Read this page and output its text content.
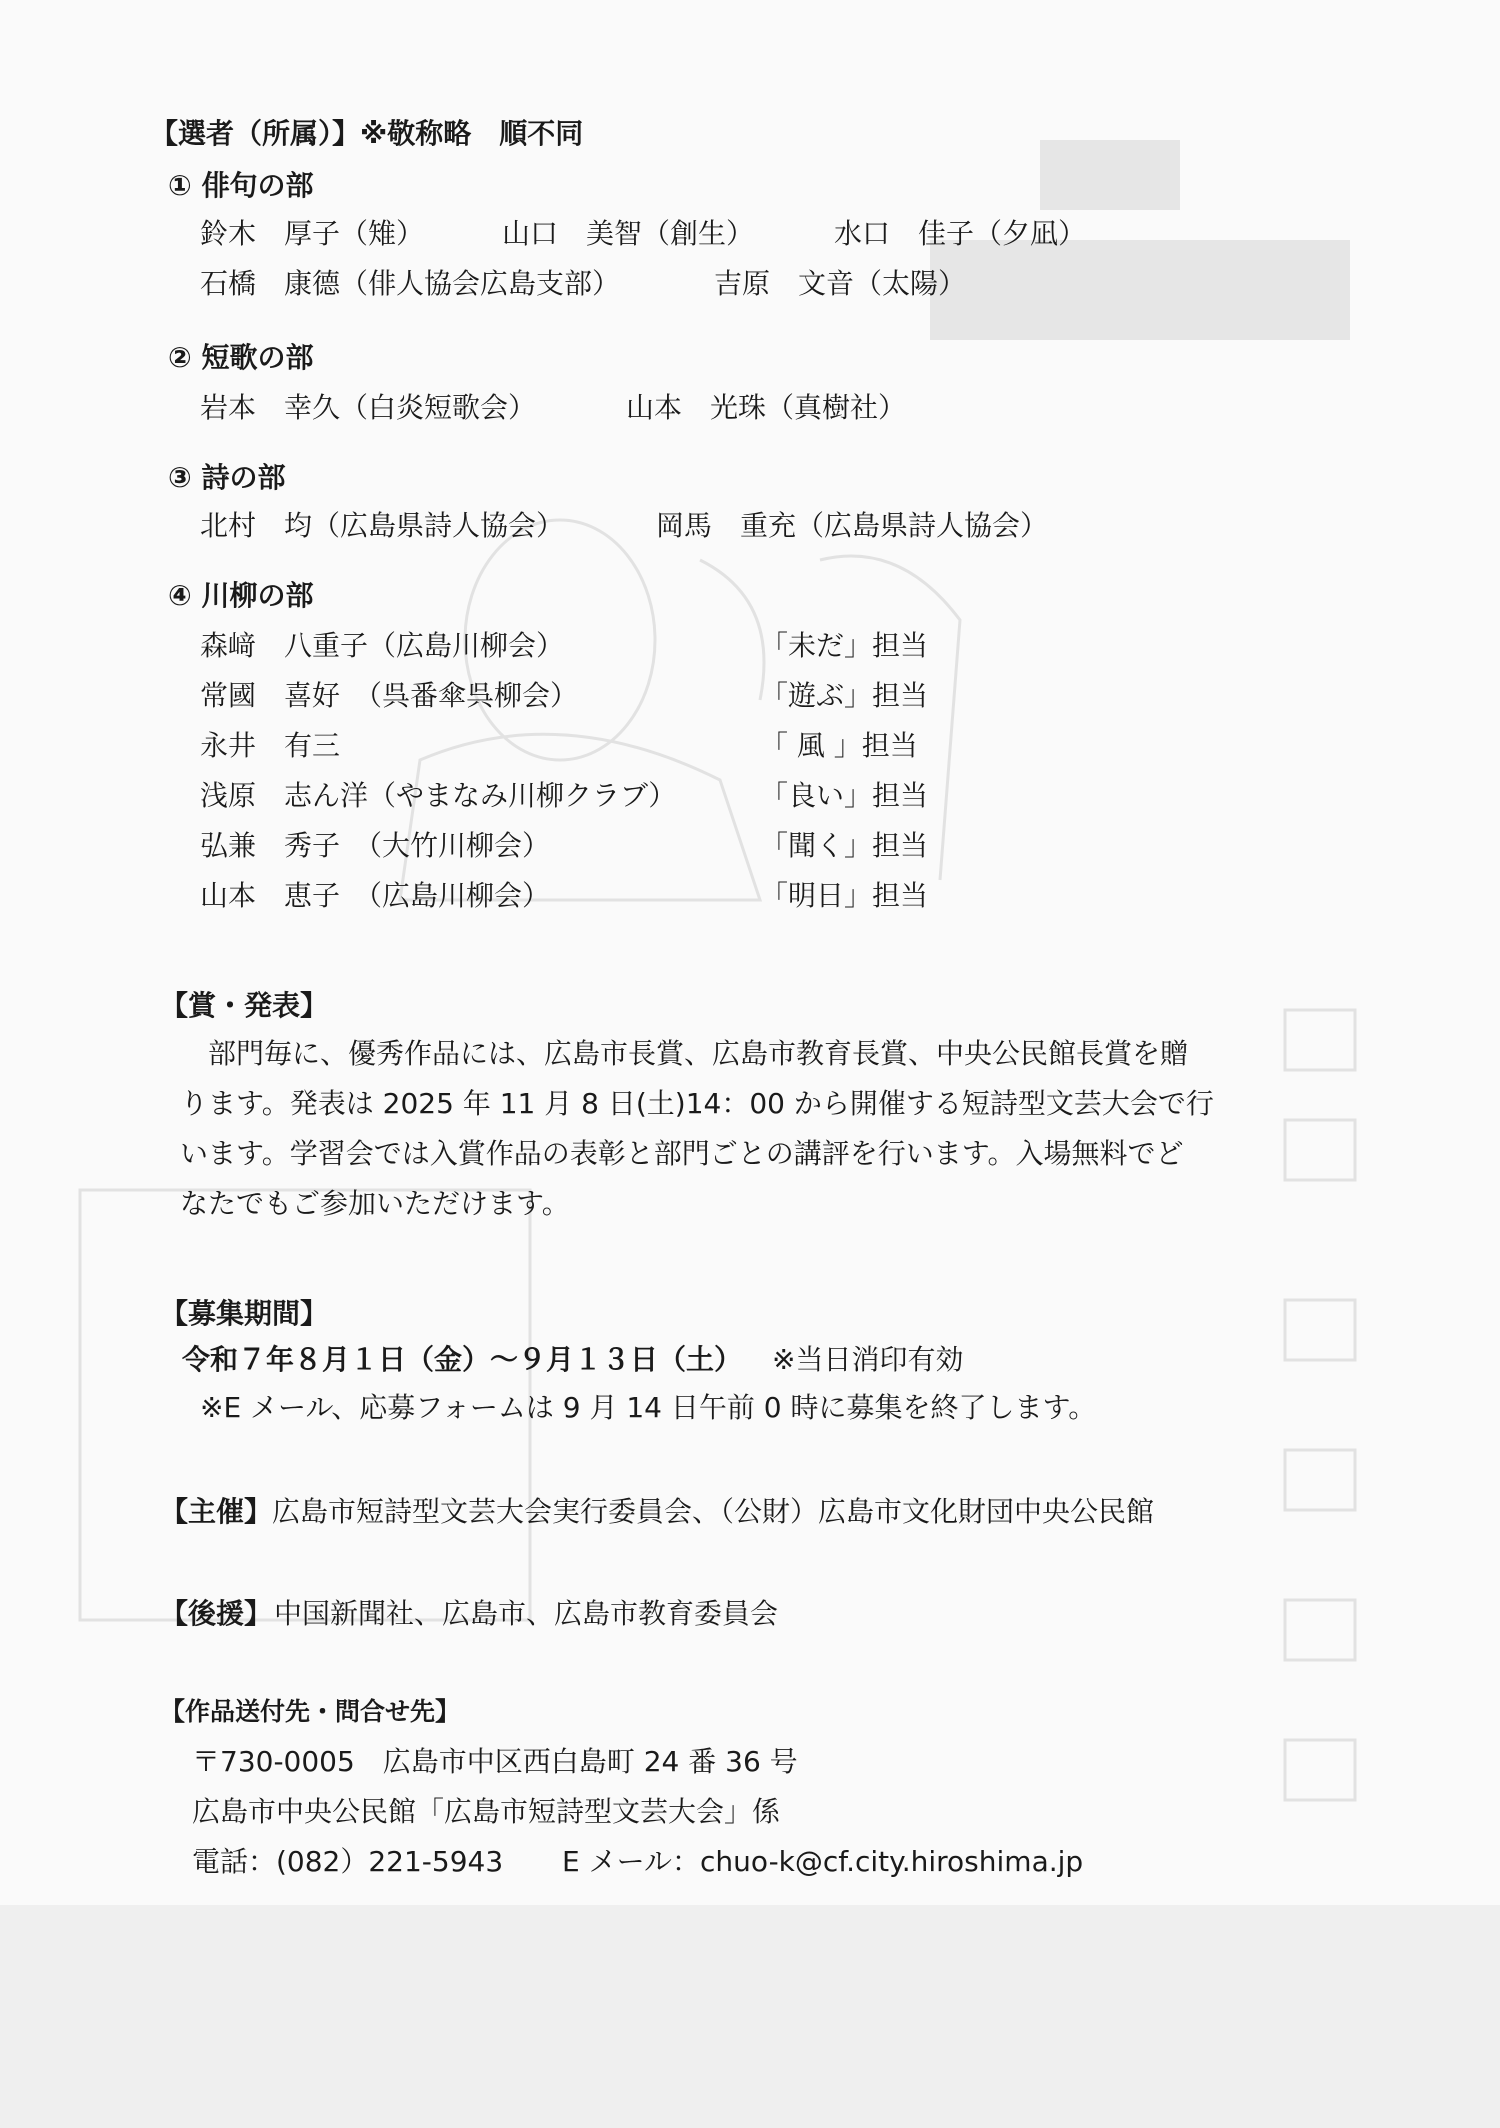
【選者（所属）】※敬称略　順不同
① 俳句の部
鈴木　厚子（雉）	山口　美智（創生）	水口　佳子（夕凪）
石橋　康德（俳人協会広島支部）	吉原　文音（太陽）
② 短歌の部
岩本　幸久（白炎短歌会）	山本　光珠（真樹社）
③ 詩の部
北村　均（広島県詩人協会）	岡馬　重充（広島県詩人協会）
④ 川柳の部
森﨑　八重子（広島川柳会）	「未だ」担当
常國　喜好　（呉番傘呉柳会）	「遊ぶ」担当
永井　有三	「 風 」担当
浅原　志ん洋（やまなみ川柳クラブ）	「良い」担当
弘兼　秀子　（大竹川柳会）	「聞く」担当
山本　恵子　（広島川柳会）	「明日」担当
【賞・発表】
部門毎に、優秀作品には、広島市長賞、広島市教育長賞、中央公民館長賞を贈
ります。発表は 2025 年 11 月 8 日(土)14：00 から開催する短詩型文芸大会で行
います。学習会では入賞作品の表彰と部門ごとの講評を行います。入場無料でど
なたでもご参加いただけます。
【募集期間】
令和７年８月１日（金）～９月１３日（土） ※当日消印有効
※E メール、応募フォームは 9 月 14 日午前 0 時に募集を終了します。
【主催】 広島市短詩型文芸大会実行委員会、（公財）広島市文化財団中央公民館
【後援】 中国新聞社、広島市、広島市教育委員会
【作品送付先・問合せ先】
〒730-0005　広島市中区西白島町 24 番 36 号
広島市中央公民館「広島市短詩型文芸大会」係
電話：(082）221-5943 E メール：chuo-k@cf.city.hiroshima.jp
